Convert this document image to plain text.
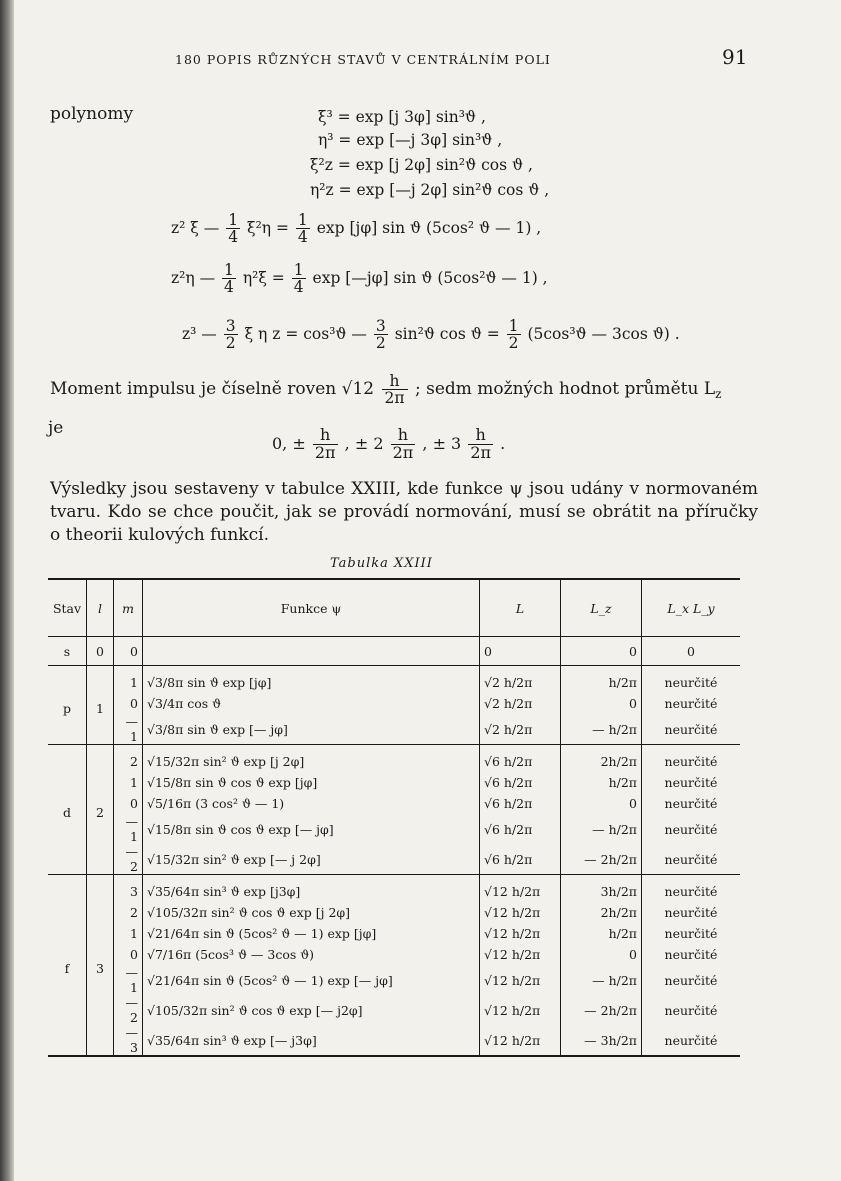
180 POPIS RŮZNÝCH STAVŮ V CENTRÁLNÍM POLI	91
polynomy	ξ³ = exp [j 3φ] sin³ϑ ,
η³ = exp [—j 3φ] sin³ϑ ,
ξ²z = exp [j 2φ] sin²ϑ cos ϑ ,
η²z = exp [—j 2φ] sin²ϑ cos ϑ ,
z² ξ — $\frac{1}{4} \xi^2\eta = \frac{1}{4}$ exp [jφ] sin ϑ (5cos² ϑ — 1) ,
z²η — $\frac{1}{4} \eta^2\xi = \frac{1}{4}$ exp [—jφ] sin ϑ (5cos²ϑ — 1) ,
z³ — $\frac{3}{2}$ ξ η z = cos³ϑ — $\frac{3}{2} \sin^2ϑ$ $\cos ϑ = \frac{1}{2} (5\cos^3ϑ$ — 3cos ϑ) .
Moment impulsu je číselně roven $√12 \frac{h}{2\pi}$ ; sedm možných hodnot průmětu $L_z$
je
0, ± $\frac{h}{2\pi}$ , ± $2 \frac{h}{2\pi}$ , ± $3 \frac{h}{2\pi}$ .
Výsledky jsou sestaveny v tabulce XXIII, kde funkce ψ jsou udány v normovaném tvaru. Kdo se chce poučit, jak se provádí normování, musí se obrátit na příručky o theorii kulových funkcí.
Tabulka XXIII
Stav	l	m	Funkce ψ	L	L_z	L_x L_y
s	0	0		0	0	0
p	1	1	√3/8π sin ϑ exp [jφ]	√2 h/2π	h/2π	neurčité
		0	√3/4π cos ϑ	√2 h/2π	0	neurčité
		—1	√3/8π sin ϑ exp [— jφ]	√2 h/2π	— h/2π	neurčité
d	2	2	√15/32π sin² ϑ exp [j 2φ]	√6 h/2π	2h/2π	neurčité
		1	√15/8π sin ϑ cos ϑ exp [jφ]	√6 h/2π	h/2π	neurčité
		0	√5/16π (3 cos² ϑ — 1)	√6 h/2π	0	neurčité
		—1	√15/8π sin ϑ cos ϑ exp [— jφ]	√6 h/2π	— h/2π	neurčité
		—2	√15/32π sin² ϑ exp [— j 2φ]	√6 h/2π	— 2h/2π	neurčité
f	3	3	√35/64π sin³ ϑ exp [j3φ]	√12 h/2π	3h/2π	neurčité
		2	√105/32π sin² ϑ cos ϑ exp [j 2φ]	√12 h/2π	2h/2π	neurčité
		1	√21/64π sin ϑ (5cos² ϑ — 1) exp [jφ]	√12 h/2π	h/2π	neurčité
		0	√7/16π (5cos³ ϑ — 3cos ϑ)	√12 h/2π	0	neurčité
		—1	√21/64π sin ϑ (5cos² ϑ — 1) exp [— jφ]	√12 h/2π	— h/2π	neurčité
		—2	√105/32π sin² ϑ cos ϑ exp [— j2φ]	√12 h/2π	— 2h/2π	neurčité
		—3	√35/64π sin³ ϑ exp [— j3φ]	√12 h/2π	— 3h/2π	neurčité
